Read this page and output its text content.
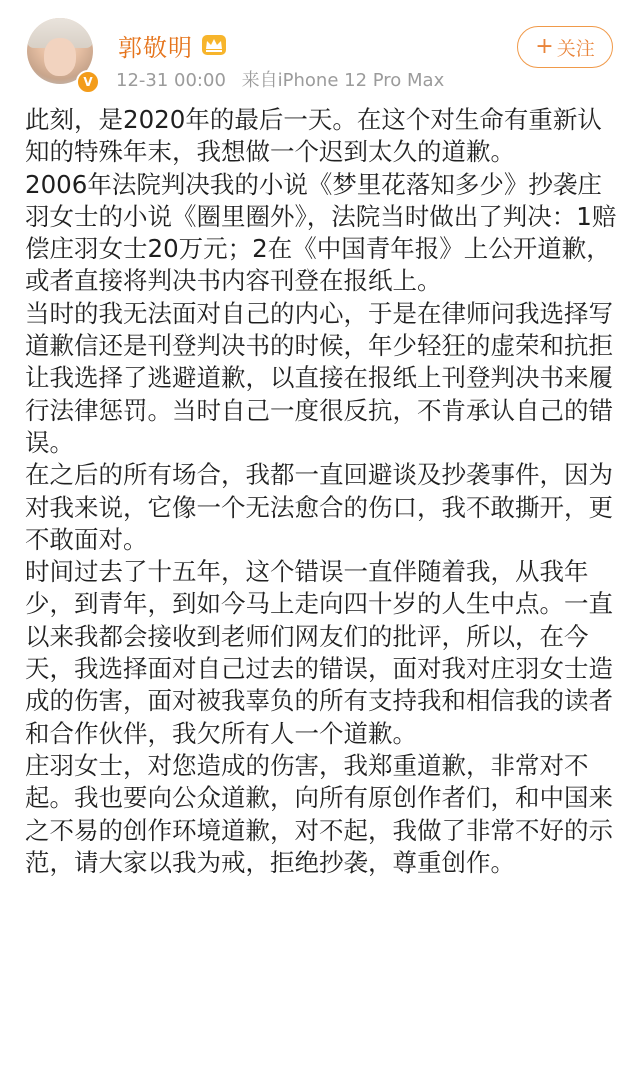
V
郭敬明
12-31 00:00 来自iPhone 12 Pro Max
+ 关注

此刻，是2020年的最后一天。在这个对生命有重新认知的特殊年末，我想做一个迟到太久的道歉。

2006年法院判决我的小说《梦里花落知多少》抄袭庄羽女士的小说《圈里圈外》，法院当时做出了判决：1赔偿庄羽女士20万元；2在《中国青年报》上公开道歉，或者直接将判决书内容刊登在报纸上。

当时的我无法面对自己的内心，于是在律师问我选择写道歉信还是刊登判决书的时候，年少轻狂的虚荣和抗拒让我选择了逃避道歉，以直接在报纸上刊登判决书来履行法律惩罚。当时自己一度很反抗，不肯承认自己的错误。

在之后的所有场合，我都一直回避谈及抄袭事件，因为对我来说，它像一个无法愈合的伤口，我不敢撕开，更不敢面对。

时间过去了十五年，这个错误一直伴随着我，从我年少，到青年，到如今马上走向四十岁的人生中点。一直以来我都会接收到老师们网友们的批评，所以，在今天，我选择面对自己过去的错误，面对我对庄羽女士造成的伤害，面对被我辜负的所有支持我和相信我的读者和合作伙伴，我欠所有人一个道歉。

庄羽女士，对您造成的伤害，我郑重道歉，非常对不起。我也要向公众道歉，向所有原创作者们，和中国来之不易的创作环境道歉，对不起，我做了非常不好的示范，请大家以我为戒，拒绝抄袭，尊重创作。
